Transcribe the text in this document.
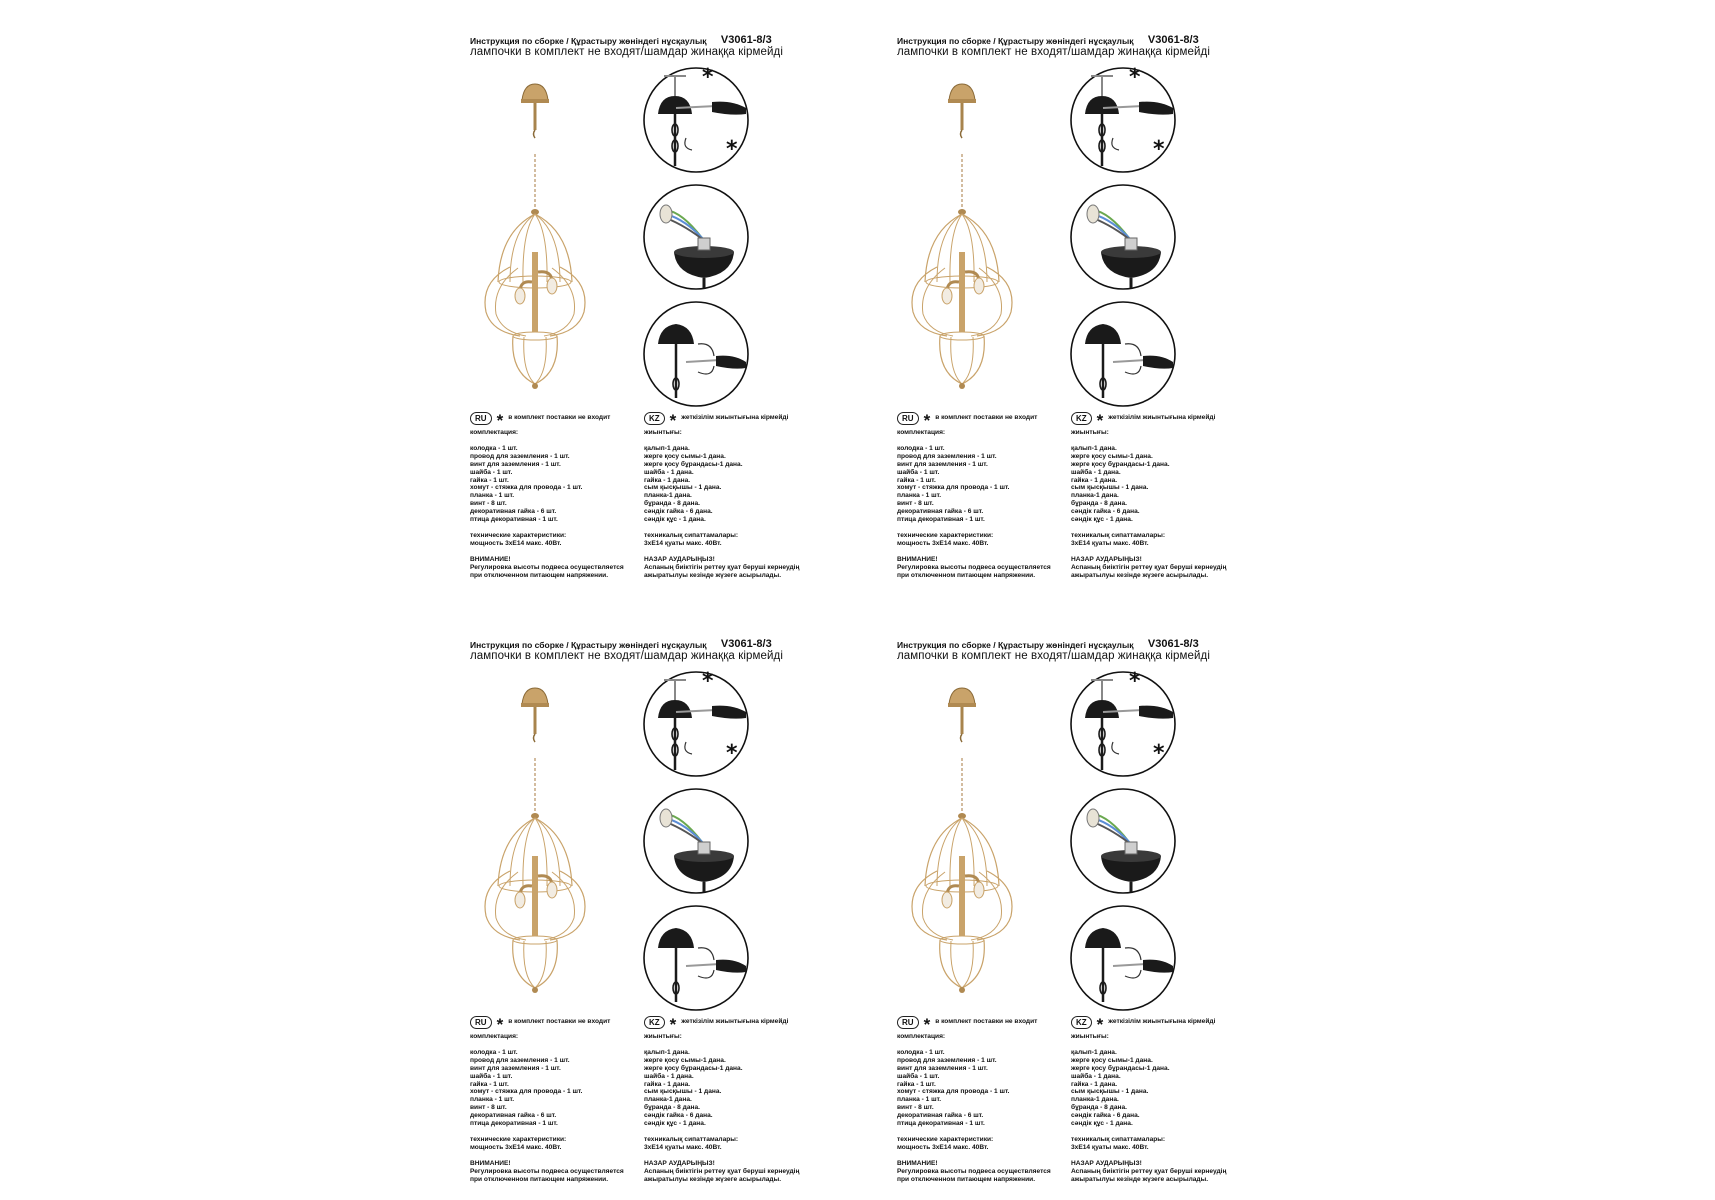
Инструкция по сборке / Құрастыру жөніндегі нұсқаулық V3061-8/3
лампочки в комплект не входят/шамдар жинаққа кірмейді
*
*
RU * в комплект поставки не входит
комплектация:
колодка - 1 шт.
провод для заземления - 1 шт.
винт для заземления - 1 шт.
шайба - 1 шт.
гайка - 1 шт.
хомут - стяжка для провода - 1 шт.
планка - 1 шт.
винт - 8 шт.
декоративная гайка - 6 шт.
птица декоративная - 1 шт.
технические характеристики:
мощность 3хЕ14 макс. 40Вт.
ВНИМАНИЕ!
Регулировка высоты подвеса осуществляется
при отключенном питающем напряжении.
KZ * жеткізілім жиынтығына кірмейді
жиынтығы:
қалып-1 дана.
жерге қосу сымы-1 дана.
жерге қосу бұрандасы-1 дана.
шайба - 1 дана.
гайка - 1 дана.
сым қысқышы - 1 дана.
планка-1 дана.
бұранда - 8 дана.
сәндік гайка - 6 дана.
сәндік құс - 1 дана.
техникалық сипаттамалары:
3хЕ14 қуаты макс. 40Вт.
НАЗАР АУДАРЫҢЫЗ!
Аспаның биіктігін реттеу қуат беруші кернеудің
ажыратылуы кезінде жүзеге асырылады.
Инструкция по сборке / Құрастыру жөніндегі нұсқаулық V3061-8/3
лампочки в комплект не входят/шамдар жинаққа кірмейді
*
*
RU * в комплект поставки не входит
комплектация:
колодка - 1 шт.
провод для заземления - 1 шт.
винт для заземления - 1 шт.
шайба - 1 шт.
гайка - 1 шт.
хомут - стяжка для провода - 1 шт.
планка - 1 шт.
винт - 8 шт.
декоративная гайка - 6 шт.
птица декоративная - 1 шт.
технические характеристики:
мощность 3хЕ14 макс. 40Вт.
ВНИМАНИЕ!
Регулировка высоты подвеса осуществляется
при отключенном питающем напряжении.
KZ * жеткізілім жиынтығына кірмейді
жиынтығы:
қалып-1 дана.
жерге қосу сымы-1 дана.
жерге қосу бұрандасы-1 дана.
шайба - 1 дана.
гайка - 1 дана.
сым қысқышы - 1 дана.
планка-1 дана.
бұранда - 8 дана.
сәндік гайка - 6 дана.
сәндік құс - 1 дана.
техникалық сипаттамалары:
3хЕ14 қуаты макс. 40Вт.
НАЗАР АУДАРЫҢЫЗ!
Аспаның биіктігін реттеу қуат беруші кернеудің
ажыратылуы кезінде жүзеге асырылады.
Инструкция по сборке / Құрастыру жөніндегі нұсқаулық V3061-8/3
лампочки в комплект не входят/шамдар жинаққа кірмейді
*
*
RU * в комплект поставки не входит
комплектация:
колодка - 1 шт.
провод для заземления - 1 шт.
винт для заземления - 1 шт.
шайба - 1 шт.
гайка - 1 шт.
хомут - стяжка для провода - 1 шт.
планка - 1 шт.
винт - 8 шт.
декоративная гайка - 6 шт.
птица декоративная - 1 шт.
технические характеристики:
мощность 3хЕ14 макс. 40Вт.
ВНИМАНИЕ!
Регулировка высоты подвеса осуществляется
при отключенном питающем напряжении.
KZ * жеткізілім жиынтығына кірмейді
жиынтығы:
қалып-1 дана.
жерге қосу сымы-1 дана.
жерге қосу бұрандасы-1 дана.
шайба - 1 дана.
гайка - 1 дана.
сым қысқышы - 1 дана.
планка-1 дана.
бұранда - 8 дана.
сәндік гайка - 6 дана.
сәндік құс - 1 дана.
техникалық сипаттамалары:
3хЕ14 қуаты макс. 40Вт.
НАЗАР АУДАРЫҢЫЗ!
Аспаның биіктігін реттеу қуат беруші кернеудің
ажыратылуы кезінде жүзеге асырылады.
Инструкция по сборке / Құрастыру жөніндегі нұсқаулық V3061-8/3
лампочки в комплект не входят/шамдар жинаққа кірмейді
*
*
RU * в комплект поставки не входит
комплектация:
колодка - 1 шт.
провод для заземления - 1 шт.
винт для заземления - 1 шт.
шайба - 1 шт.
гайка - 1 шт.
хомут - стяжка для провода - 1 шт.
планка - 1 шт.
винт - 8 шт.
декоративная гайка - 6 шт.
птица декоративная - 1 шт.
технические характеристики:
мощность 3хЕ14 макс. 40Вт.
ВНИМАНИЕ!
Регулировка высоты подвеса осуществляется
при отключенном питающем напряжении.
KZ * жеткізілім жиынтығына кірмейді
жиынтығы:
қалып-1 дана.
жерге қосу сымы-1 дана.
жерге қосу бұрандасы-1 дана.
шайба - 1 дана.
гайка - 1 дана.
сым қысқышы - 1 дана.
планка-1 дана.
бұранда - 8 дана.
сәндік гайка - 6 дана.
сәндік құс - 1 дана.
техникалық сипаттамалары:
3хЕ14 қуаты макс. 40Вт.
НАЗАР АУДАРЫҢЫЗ!
Аспаның биіктігін реттеу қуат беруші кернеудің
ажыратылуы кезінде жүзеге асырылады.
